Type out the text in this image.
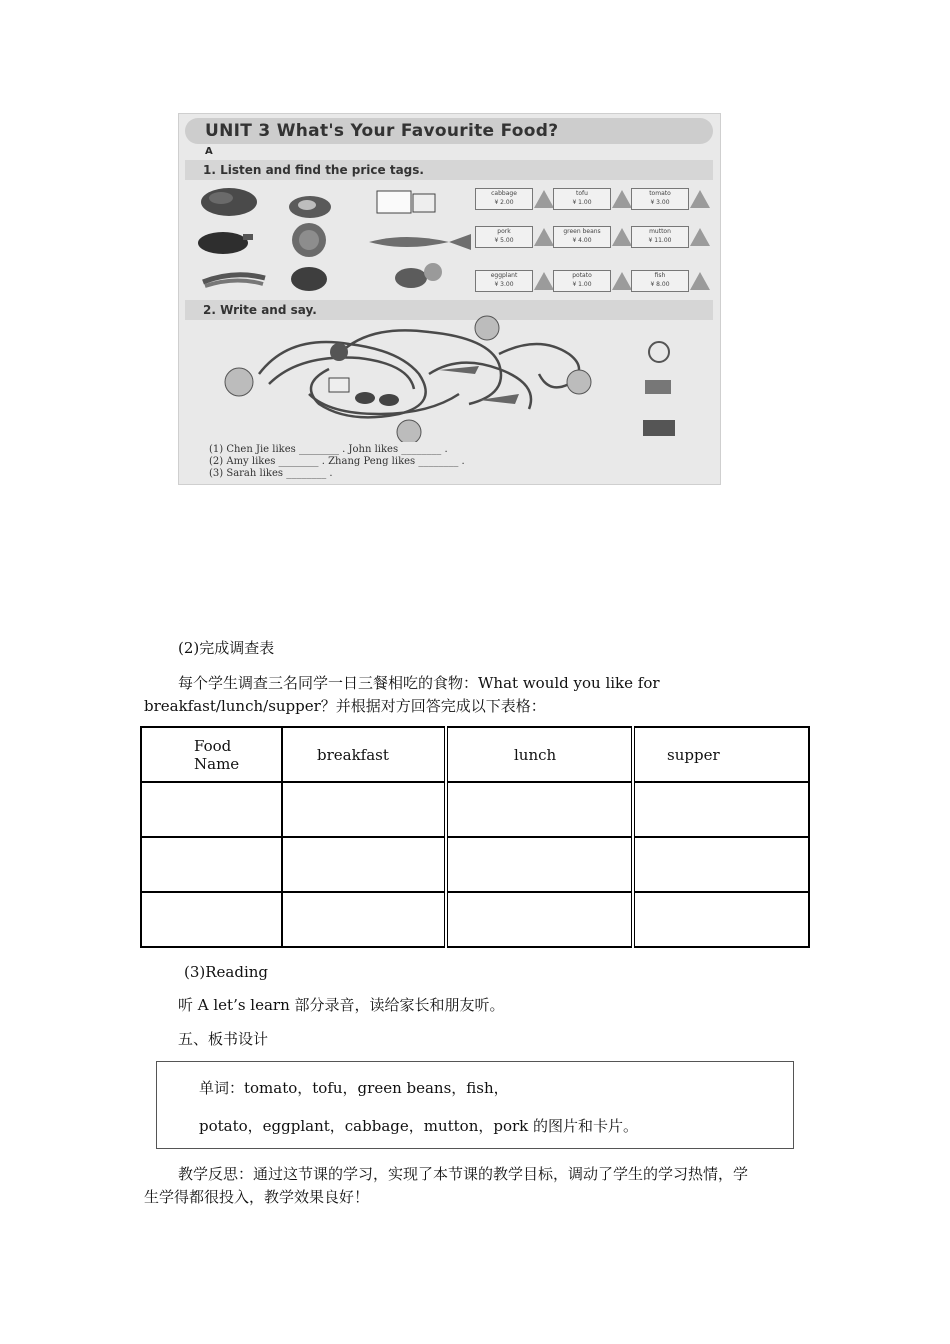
UNIT 3 What's Your Favourite Food?
A
1. Listen and find the price tags.
cabbage
¥ 2.00
tofu
¥ 1.00
tomato
¥ 3.00
pork
¥ 5.00
green beans
¥ 4.00
mutton
¥ 11.00
eggplant
¥ 3.00
potato
¥ 1.00
fish
¥ 8.00
2. Write and say.
(1) Chen Jie likes ________ . John likes ________ .
(2) Amy likes ________ . Zhang Peng likes ________ .
(3) Sarah likes ________ .
(2)完成调查表
每个学生调查三名同学一日三餐相吃的食物：What would you like for
breakfast/lunch/supper？并根据对方回答完成以下表格：
Food Name	breakfast	lunch	supper

(3)Reading
听 A let’s learn 部分录音，读给家长和朋友听。
五、板书设计
单词：tomato，tofu，green beans，fish，
potato，eggplant，cabbage，mutton，pork 的图片和卡片。
教学反思：通过这节课的学习，实现了本节课的教学目标，调动了学生的学习热情，学
生学得都很投入，教学效果良好！
